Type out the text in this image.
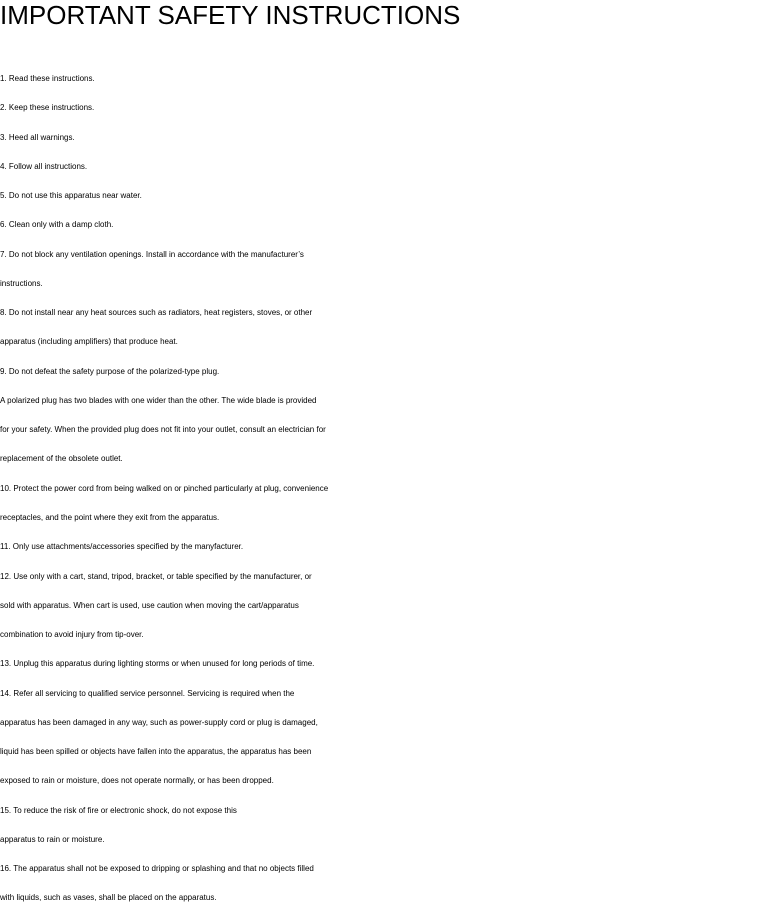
IMPORTANT SAFETY INSTRUCTIONS
1. Read these instructions.
2. Keep these instructions.
3. Heed all warnings.
4. Follow all instructions.
5. Do not use this apparatus near water.
6. Clean only with a damp cloth.
7. Do not block any ventilation openings. Install in accordance with the manufacturer’s
instructions.
8. Do not install near any heat sources such as radiators, heat registers, stoves, or other
apparatus (including amplifiers) that produce heat.
9. Do not defeat the safety purpose of the polarized-type plug.
A polarized plug has two blades with one wider than the other. The wide blade is provided
for your safety. When the provided plug does not fit into your outlet, consult an electrician for
replacement of the obsolete outlet.
10. Protect the power cord from being walked on or pinched particularly at plug, convenience
receptacles, and the point where they exit from the apparatus.
11. Only use attachments/accessories specified by the manyfacturer.
12. Use only with a cart, stand, tripod, bracket, or table specified by the manufacturer, or
sold with apparatus. When cart is used, use caution when moving the cart/apparatus
combination to avoid injury from tip-over.
13. Unplug this apparatus during lighting storms or when unused for long periods of time.
14. Refer all servicing to qualified service personnel. Servicing is required when the
apparatus has been damaged in any way, such as power-supply cord or plug is damaged,
liquid has been spilled or objects have fallen into the apparatus, the apparatus has been
exposed to rain or moisture, does not operate normally, or has been dropped.
15. To reduce the risk of fire or electronic shock, do not expose this
apparatus to rain or moisture.
16. The apparatus shall not be exposed to dripping or splashing and that no objects filled
with liquids, such as vases, shall be placed on the apparatus.
